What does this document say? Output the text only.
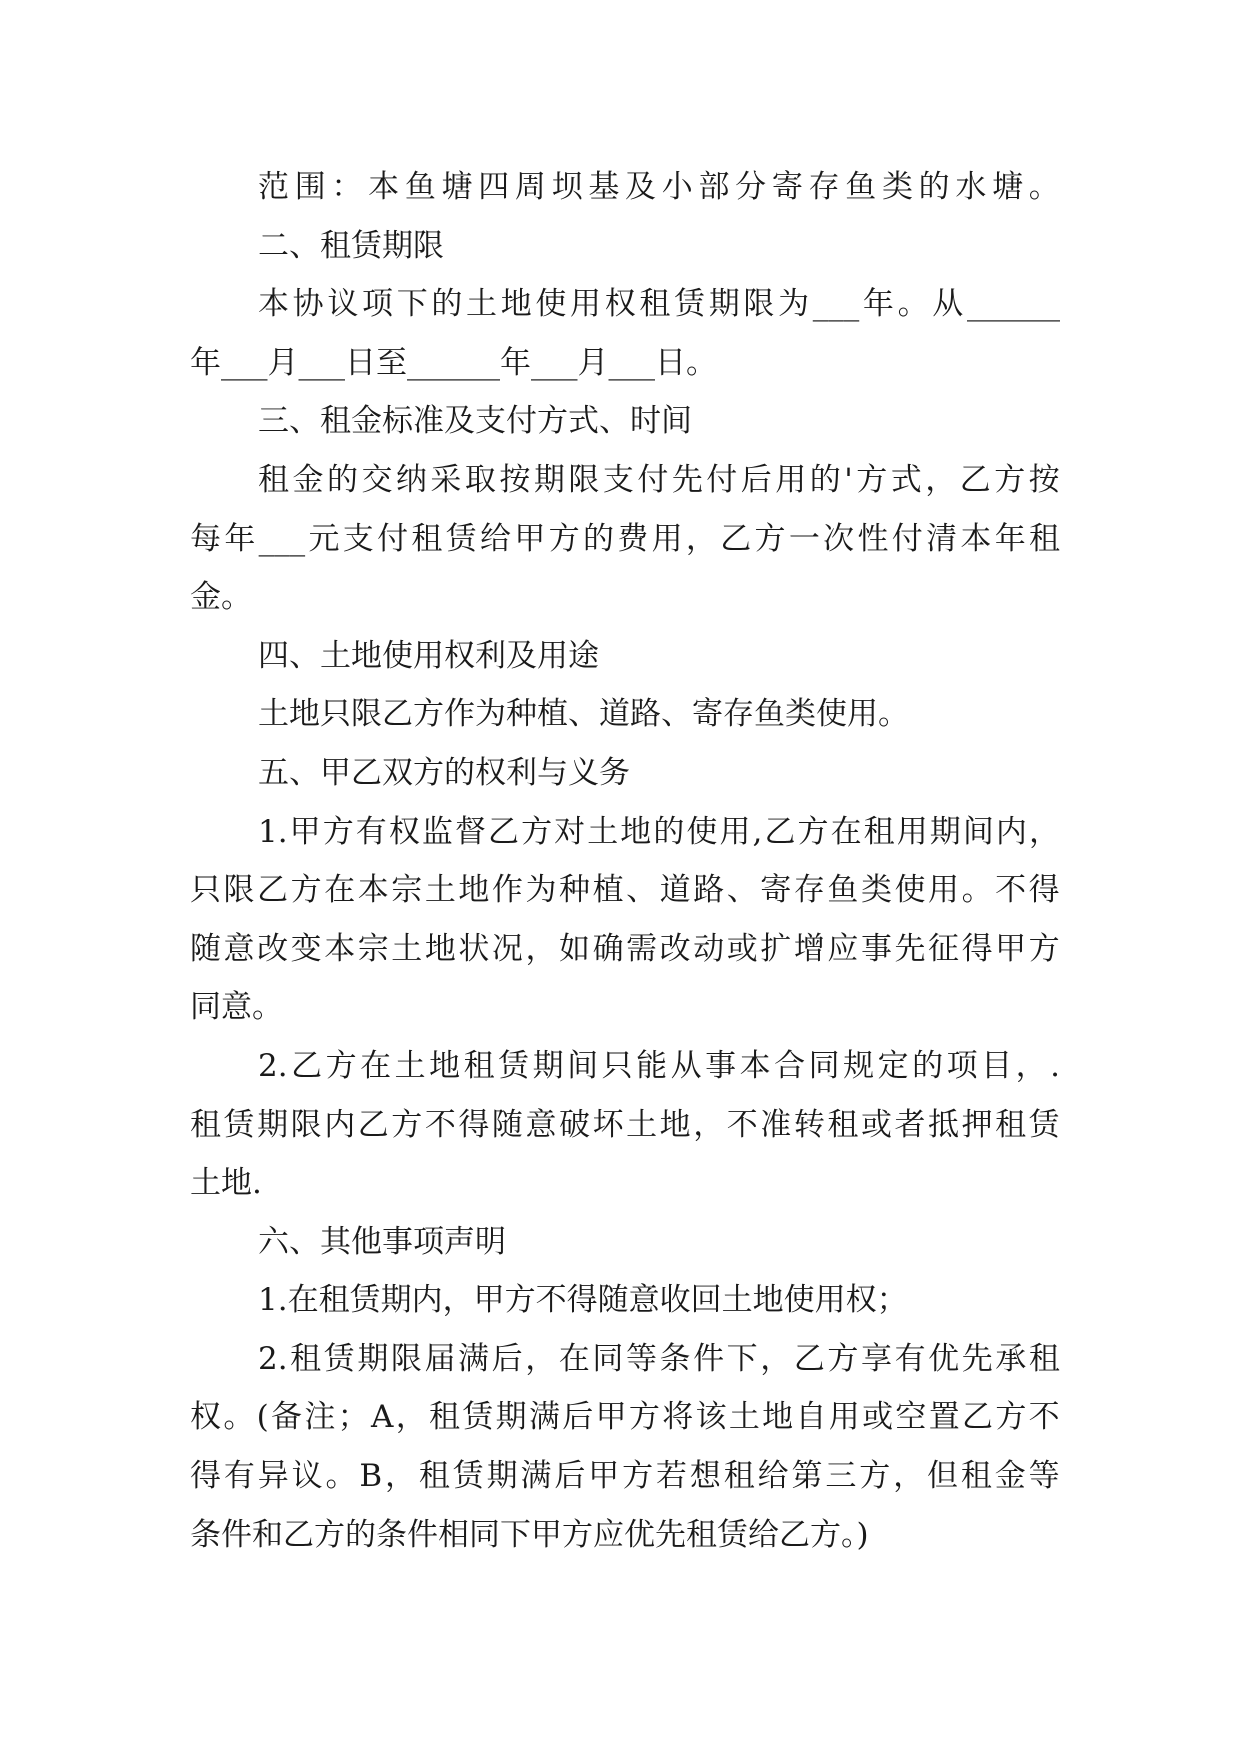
范 围 ： 本 鱼 塘 四 周 坝 基 及 小 部 分 寄 存 鱼 类 的 水 塘 。
二、租赁期限
本 协 议 项 下 的 土 地 使 用 权 租 赁 期 限 为 ___ 年 。 从 ______
年___月___日至______年___月___日。
三、租金标准及支付方式、时间
租 金 的 交 纳 采 取 按 期 限 支 付 先 付 后 用 的 ' 方 式 ， 乙 方 按
每 年 ___ 元 支 付 租 赁 给 甲 方 的 费 用 ， 乙 方 一 次 性 付 清 本 年 租
金。
四、土地使用权利及用途
土地只限乙方作为种植、道路、寄存鱼类使用。
五、甲乙双方的权利与义务
1. 甲 方 有 权 监 督 乙 方 对 土 地 的 使 用 , 乙 方 在 租 用 期 间 内 ，
只 限 乙 方 在 本 宗 土 地 作 为 种 植 、 道 路 、 寄 存 鱼 类 使 用 。 不 得
随 意 改 变 本 宗 土 地 状 况 ， 如 确 需 改 动 或 扩 增 应 事 先 征 得 甲 方
同意。
2. 乙 方 在 土 地 租 赁 期 间 只 能 从 事 本 合 同 规 定 的 项 目 ， .
租 赁 期 限 内 乙 方 不 得 随 意 破 坏 土 地 ， 不 准 转 租 或 者 抵 押 租 赁
土地.
六、其他事项声明
1.在租赁期内，甲方不得随意收回土地使用权；
2. 租 赁 期 限 届 满 后 ， 在 同 等 条 件 下 ， 乙 方 享 有 优 先 承 租
权 。 ( 备 注 ； A ， 租 赁 期 满 后 甲 方 将 该 土 地 自 用 或 空 置 乙 方 不
得 有 异 议 。 B ， 租 赁 期 满 后 甲 方 若 想 租 给 第 三 方 ， 但 租 金 等
条件和乙方的条件相同下甲方应优先租赁给乙方。)
